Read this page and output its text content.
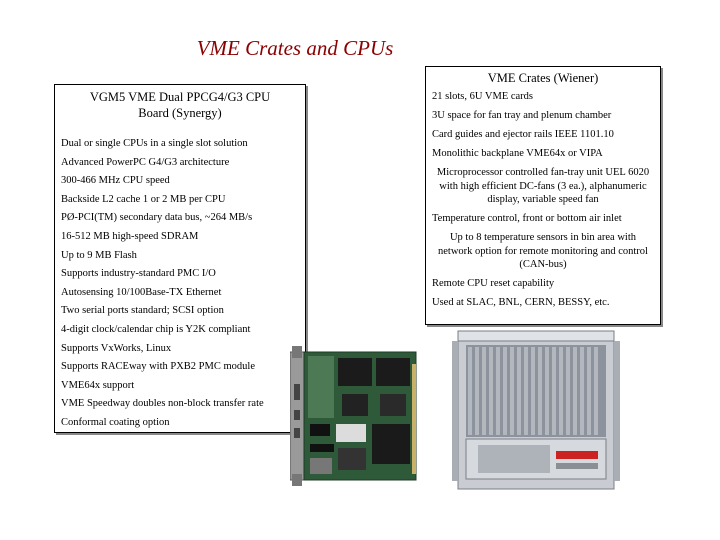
VME Crates and CPUs
VGM5 VME Dual PPCG4/G3 CPU
Board (Synergy)
Dual or single CPUs in a single slot solution
Advanced PowerPC G4/G3 architecture
300-466 MHz CPU speed
Backside L2 cache 1 or 2 MB per CPU
PØ-PCI(TM) secondary data bus, ~264 MB/s
16-512 MB high-speed SDRAM
Up to 9 MB Flash
Supports industry-standard PMC I/O
Autosensing 10/100Base-TX Ethernet
Two serial ports standard; SCSI option
4-digit clock/calendar chip is Y2K compliant
Supports VxWorks, Linux
Supports RACEway with PXB2 PMC module
VME64x support
VME Speedway doubles non-block transfer rate
Conformal coating option
VME Crates (Wiener)
21 slots, 6U VME cards
3U space for fan tray and plenum chamber
Card guides and ejector rails IEEE 1101.10
Monolithic backplane VME64x or VIPA
Microprocessor controlled fan-tray unit UEL 6020 with high efficient DC-fans (3 ea.), alphanumeric display, variable speed fan
Temperature control, front or bottom air inlet
Up to 8 temperature sensors in bin area with network option for remote monitoring and control (CAN-bus)
Remote CPU reset capability
Used at SLAC, BNL, CERN, BESSY, etc.
